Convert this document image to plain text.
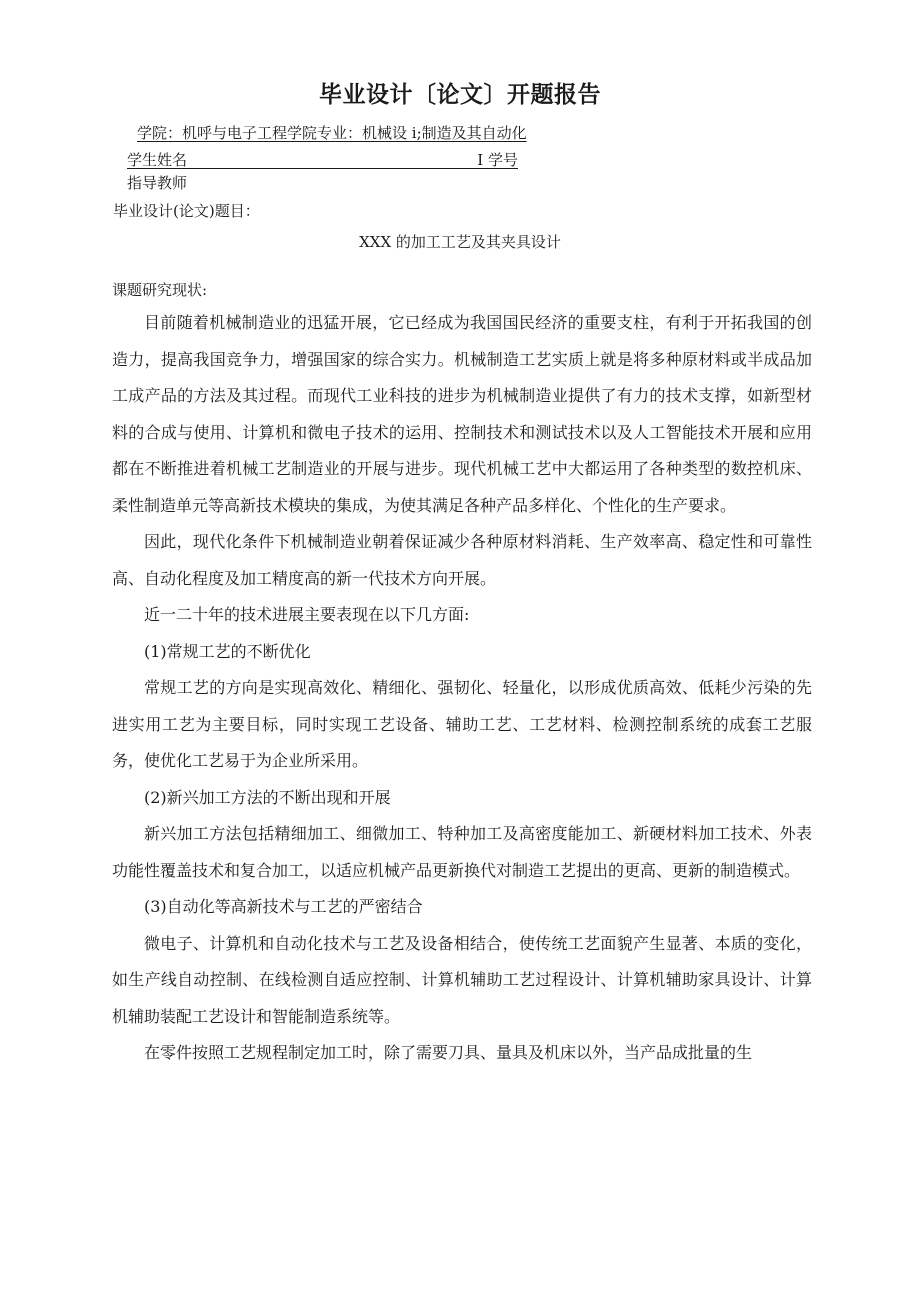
毕业设计〔论文〕开题报告
学院：机呼与电子工程学院专业：机械设 i;制造及其自动化
学生姓名	I 学号
指导教师
毕业设计(论文)题目：
XXX 的加工工艺及其夹具设计
课题研究现状:

目前随着机械制造业的迅猛开展，它已经成为我国国民经济的重要支柱，有利于开拓我国的创造力，提高我国竞争力，增强国家的综合实力。机械制造工艺实质上就是将多种原材料或半成品加工成产品的方法及其过程。而现代工业科技的进步为机械制造业提供了有力的技术支撑，如新型材料的合成与使用、计算机和微电子技术的运用、控制技术和测试技术以及人工智能技术开展和应用都在不断推进着机械工艺制造业的开展与进步。现代机械工艺中大都运用了各种类型的数控机床、柔性制造单元等高新技术模块的集成，为使其满足各种产品多样化、个性化的生产要求。

因此，现代化条件下机械制造业朝着保证减少各种原材料消耗、生产效率高、稳定性和可靠性高、自动化程度及加工精度高的新一代技术方向开展。

近一二十年的技术进展主要表现在以下几方面:

(1)常规工艺的不断优化

常规工艺的方向是实现高效化、精细化、强韧化、轻量化，以形成优质高效、低耗少污染的先进实用工艺为主要目标，同时实现工艺设备、辅助工艺、工艺材料、检测控制系统的成套工艺服务，使优化工艺易于为企业所采用。

(2)新兴加工方法的不断出现和开展

新兴加工方法包括精细加工、细微加工、特种加工及高密度能加工、新硬材料加工技术、外表功能性覆盖技术和复合加工，以适应机械产品更新换代对制造工艺提出的更高、更新的制造模式。

(3)自动化等高新技术与工艺的严密结合

微电子、计算机和自动化技术与工艺及设备相结合，使传统工艺面貌产生显著、本质的变化，如生产线自动控制、在线检测自适应控制、计算机辅助工艺过程设计、计算机辅助家具设计、计算机辅助装配工艺设计和智能制造系统等。

在零件按照工艺规程制定加工时，除了需要刀具、量具及机床以外，当产品成批量的生
